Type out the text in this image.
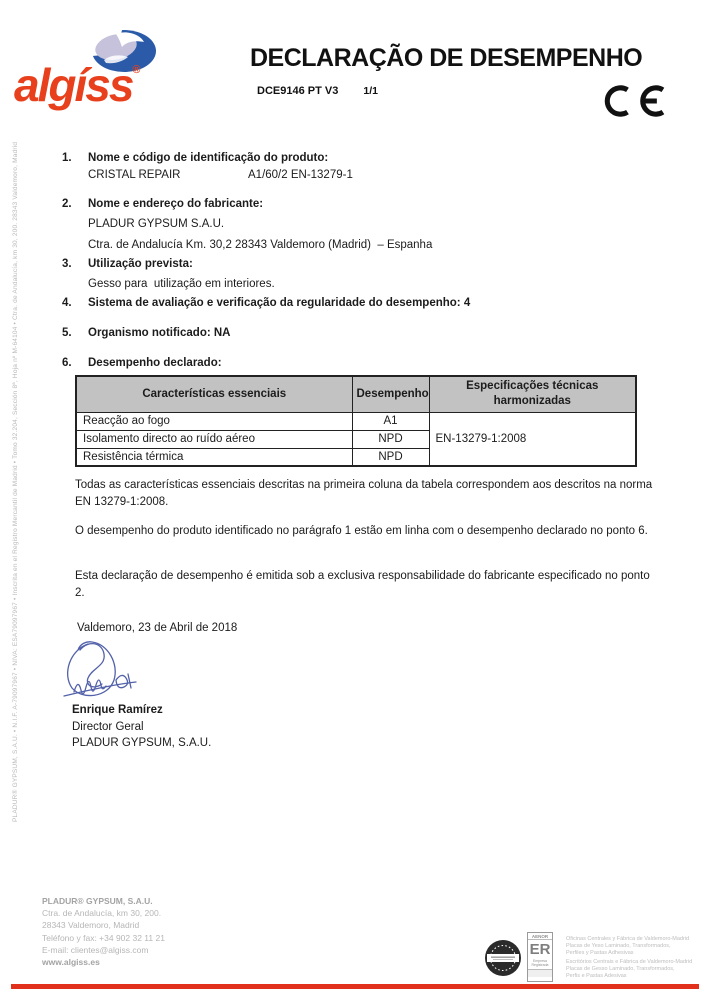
PLADUR® GYPSUM, S.A.U. • N.I.F. A-79097967 • NIVA: ESA79097967 • Inscrita en el Registro Mercantil de Madrid • Tomo 32.204, Sección 8ª, Hoja nº M-64104 • Ctra. de Andalucía, km 30, 200. 28343 Valdemoro, Madrid
algíss®	DECLARAÇÃO DE DESEMPENHO
DCE9146 PT V3 1/1
1.	Nome e código de identificação do produto:
CRISTAL REPAIR	A1/60/2 EN-13279-1
2.	Nome e endereço do fabricante:
PLADUR GYPSUM S.A.U.
Ctra. de Andalucía Km. 30,2 28343 Valdemoro (Madrid)  – Espanha
3.	Utilização prevista:
Gesso para  utilização em interiores.
4.	Sistema de avaliação e verificação da regularidade do desempenho: 4
5.	Organismo notificado: NA
6.	Desempenho declarado:
Características essenciais	Desempenho	Especificações técnicas harmonizadas
Reacção ao fogo	A1	EN-13279-1:2008
Isolamento directo ao ruído aéreo	NPD	
Resistência térmica	NPD	

Todas as características essenciais descritas na primeira coluna da tabela correspondem aos descritos na norma EN 13279-1:2008.

O desempenho do produto identificado no parágrafo 1 estão em linha com o desempenho declarado no ponto 6.

Esta declaração de desempenho é emitida sob a exclusiva responsabilidade do fabricante especificado no ponto 2.

Valdemoro, 23 de Abril de 2018
Enrique Ramírez
Director Geral
PLADUR GYPSUM, S.A.U.
PLADUR® GYPSUM, S.A.U.
Ctra. de Andalucía, km 30, 200.
28343 Valdemoro, Madrid
Teléfono y fax: +34 902 32 11 21
E-mail: clientes@algiss.com
www.algiss.es
AENOR
ER
Empresa Registrada
Oficinas Centrales y Fábrica de Valdemoro-Madrid
Placas de Yeso Laminado, Transformados,
Perfiles y Pastas Adhesivas
Escritórios Centrais e Fábrica de Valdemoro-Madrid
Placas de Gesso Laminado, Transformados,
Perfis e Pastas Adesivas
